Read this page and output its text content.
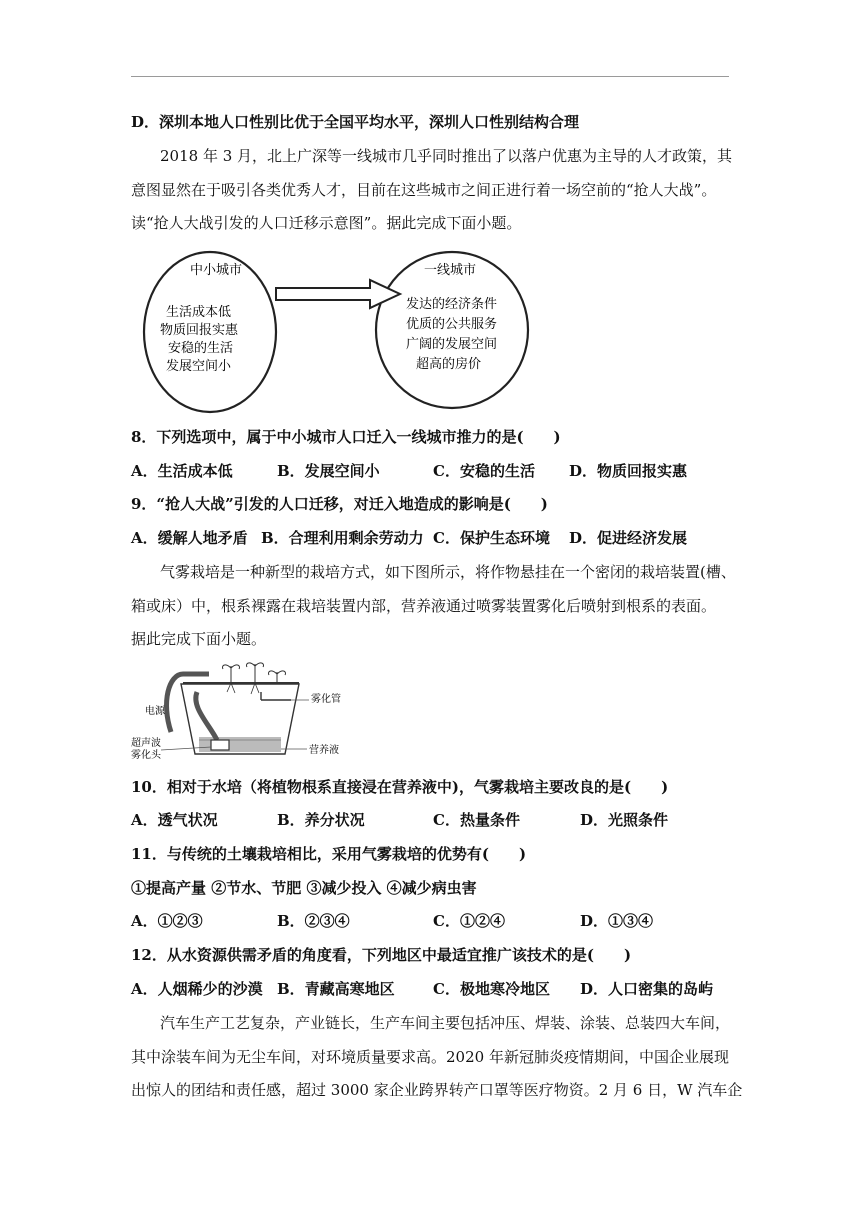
D．深圳本地人口性别比优于全国平均水平，深圳人口性别结构合理
2018 年 3 月，北上广深等一线城市几乎同时推出了以落户优惠为主导的人才政策，其
意图显然在于吸引各类优秀人才，目前在这些城市之间正进行着一场空前的“抢人大战”。
读“抢人大战引发的人口迁移示意图”。据此完成下面小题。
中小城市
生活成本低
物质回报实惠
安稳的生活
发展空间小
一线城市
发达的经济条件
优质的公共服务
广阔的发展空间
超高的房价
8．下列选项中，属于中小城市人口迁入一线城市推力的是(　　)
A．生活成本低	B．发展空间小	C．安稳的生活 D．物质回报实惠
9．“抢人大战”引发的人口迁移，对迁入地造成的影响是(　　)
A．缓解人地矛盾 B．合理利用剩余劳动力 C．保护生态环境 D．促进经济发展
气雾栽培是一种新型的栽培方式，如下图所示，将作物悬挂在一个密闭的栽培装置(槽、
箱或床）中，根系裸露在栽培装置内部，营养液通过喷雾装置雾化后喷射到根系的表面。
据此完成下面小题。
电源
雾化管
超声波
雾化头	营养液
10．相对于水培（将植物根系直接浸在营养液中)，气雾栽培主要改良的是(　　)
A．透气状况	B．养分状况	C．热量条件	D．光照条件
11．与传统的土壤栽培相比，采用气雾栽培的优势有(　　)
①提高产量 ②节水、节肥 ③减少投入 ④减少病虫害
A．①②③	B．②③④	C．①②④	D．①③④
12．从水资源供需矛盾的角度看，下列地区中最适宜推广该技术的是(　　)
A．人烟稀少的沙漠 B．青藏高寒地区	C．极地寒冷地区 D．人口密集的岛屿
汽车生产工艺复杂，产业链长，生产车间主要包括冲压、焊装、涂装、总装四大车间，
其中涂装车间为无尘车间，对环境质量要求高。2020 年新冠肺炎疫情期间，中国企业展现
出惊人的团结和责任感，超过 3000 家企业跨界转产口罩等医疗物资。2 月 6 日，W 汽车企
